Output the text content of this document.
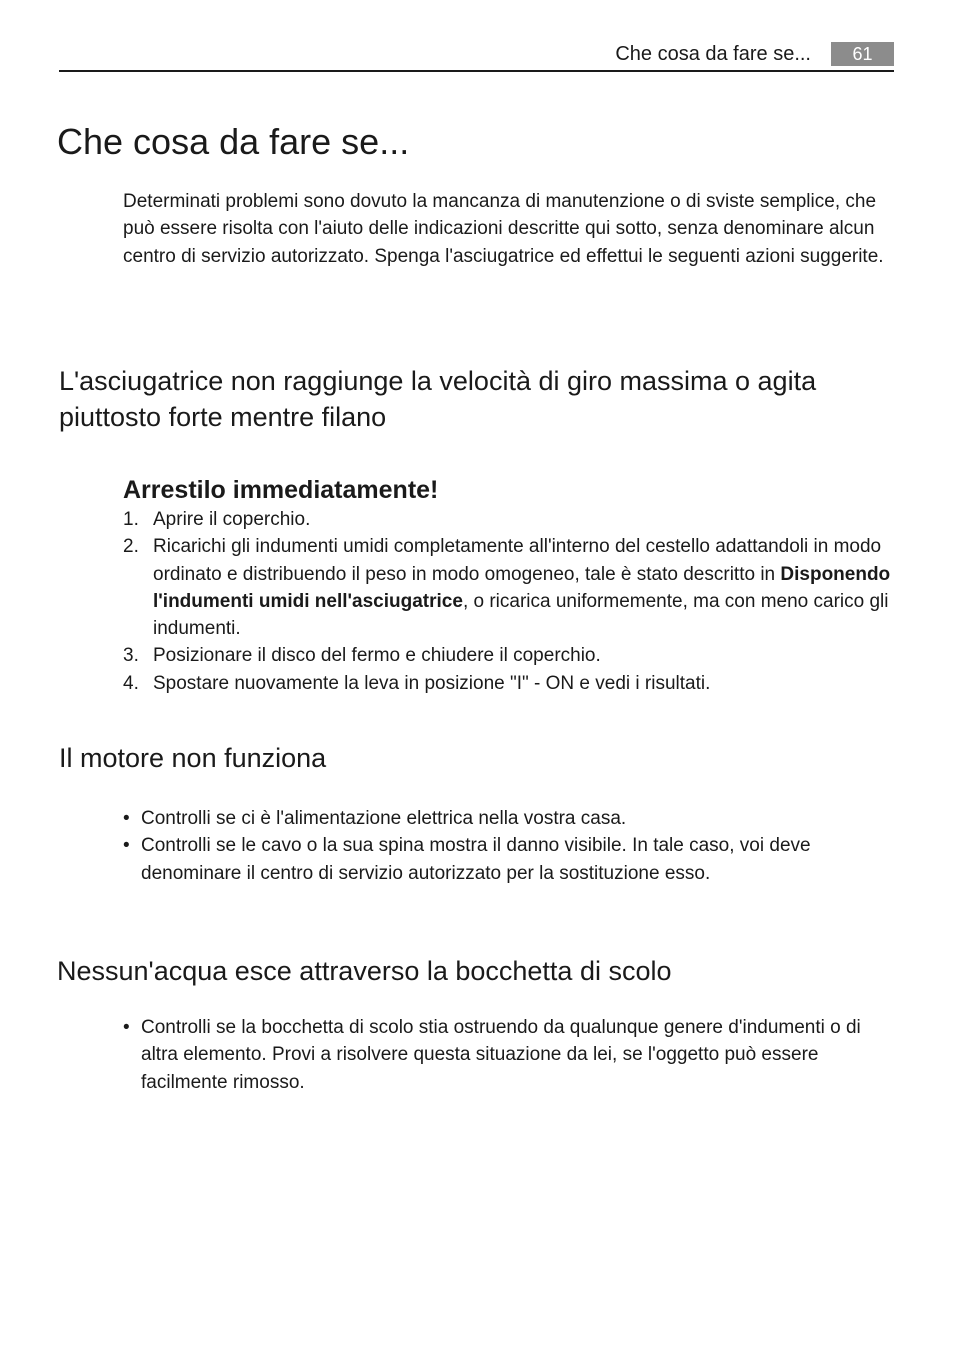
Che cosa da fare se...	61
Che cosa da fare se...

Determinati problemi sono dovuto la mancanza di manutenzione o di sviste semplice, che può essere risolta con l'aiuto delle indicazioni descritte qui sotto, senza denominare alcun centro di servizio autorizzato. Spenga l'asciugatrice ed effettui le seguenti azioni suggerite.

L'asciugatrice non raggiunge la velocità di giro massima o agita piuttosto forte mentre filano
Arrestilo immediatamente!
1. Aprire il coperchio.
2. Ricarichi gli indumenti umidi completamente all'interno del cestello adattandoli in modo ordinato e distribuendo il peso in modo omogeneo, tale è stato descritto in Disponendo l'indumenti umidi nell'asciugatrice, o ricarica uniformemente, ma con meno carico gli indumenti.
3. Posizionare il disco del fermo e chiudere il coperchio.
4. Spostare nuovamente la leva in posizione "I" - ON e vedi i risultati.
Il motore non funziona
• Controlli se ci è l'alimentazione elettrica nella vostra casa.
• Controlli se le cavo o la sua spina mostra il danno visibile. In tale caso, voi deve denominare il centro di servizio autorizzato per la sostituzione esso.
Nessun'acqua esce attraverso la bocchetta di scolo
• Controlli se la bocchetta di scolo stia ostruendo da qualunque genere d'indumenti o di altra elemento. Provi a risolvere questa situazione da lei, se l'oggetto può essere facilmente rimosso.
